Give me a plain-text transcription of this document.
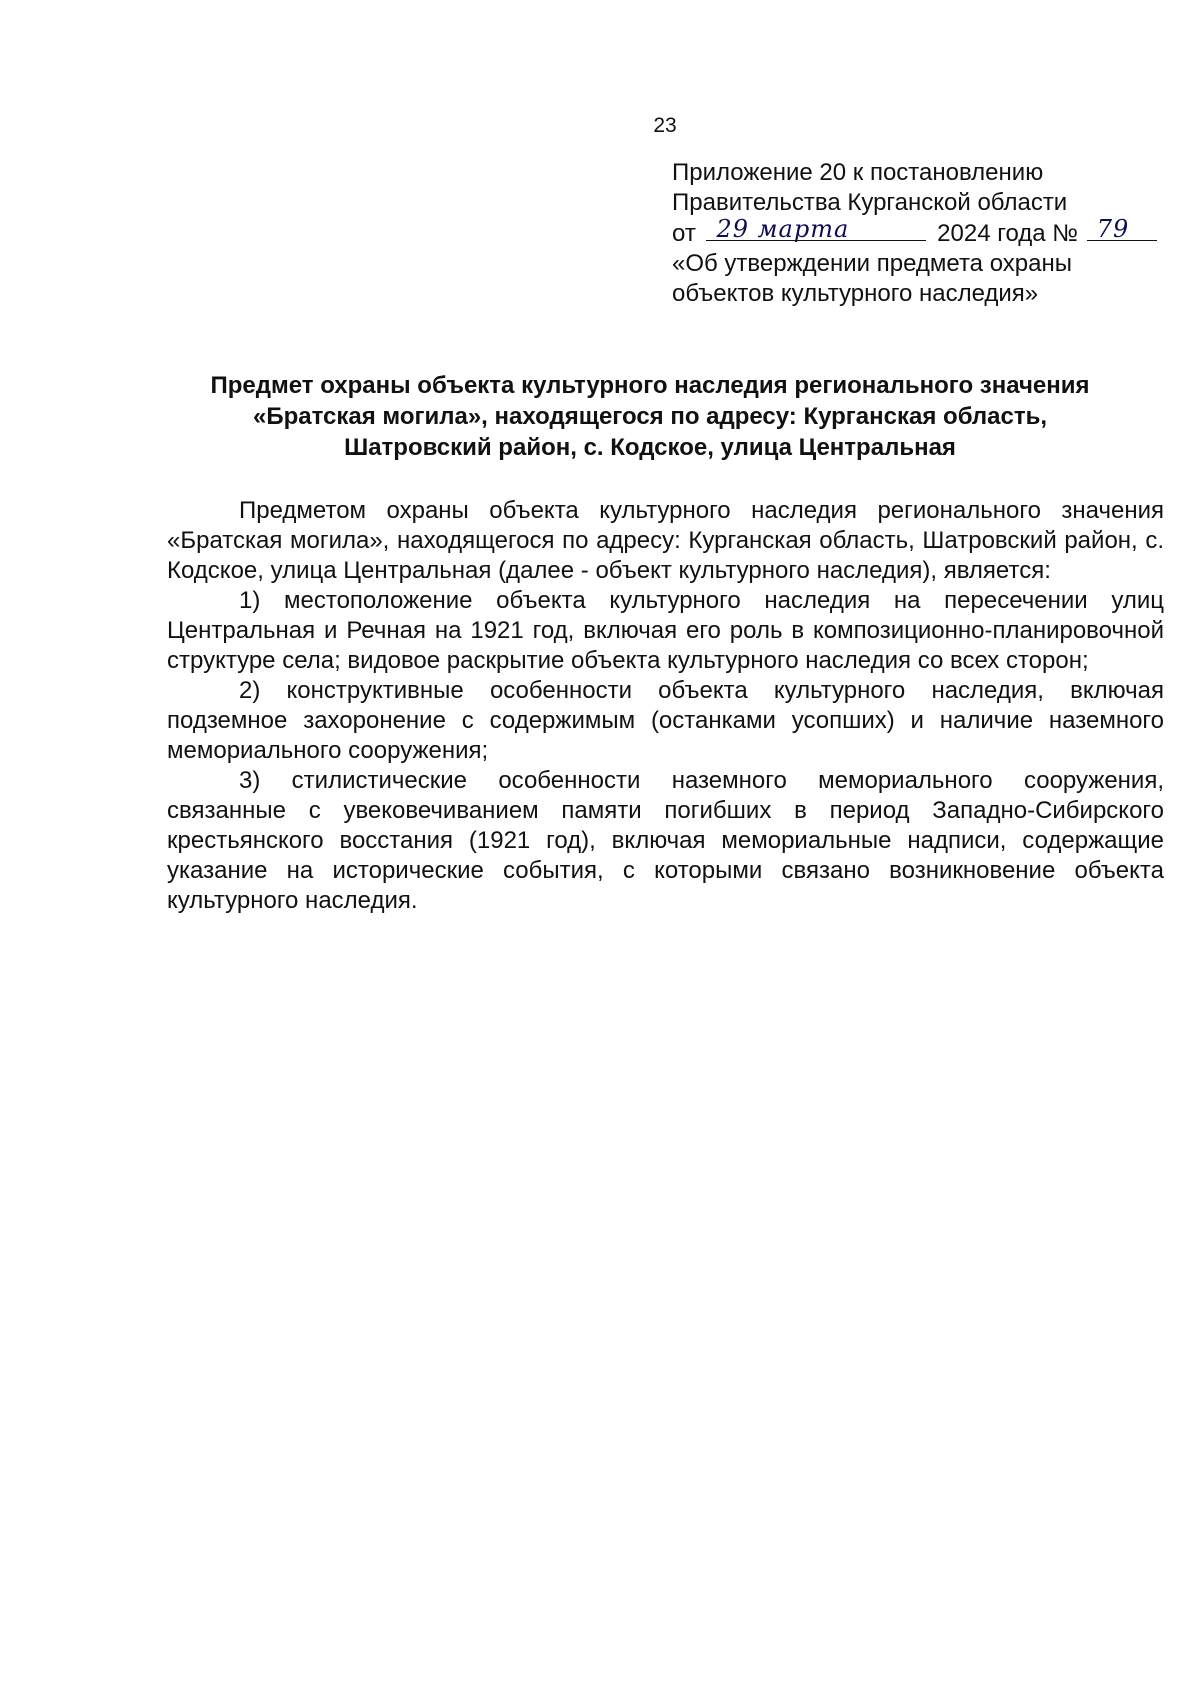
23
Приложение 20 к постановлению
Правительства Курганской области
от 29 марта	2024 года № 79
«Об утверждении предмета охраны
объектов культурного наследия»
Предмет охраны объекта культурного наследия регионального значения
«Братская могила», находящегося по адресу: Курганская область,
Шатровский район, с. Кодское, улица Центральная

Предметом охраны объекта культурного наследия регионального значения «Братская могила», находящегося по адресу: Курганская область, Шатровский район, с. Кодское, улица Центральная (далее - объект культурного наследия), является:

1) местоположение объекта культурного наследия на пересечении улиц Центральная и Речная на 1921 год, включая его роль в композиционно-планировочной структуре села; видовое раскрытие объекта культурного наследия со всех сторон;

2) конструктивные особенности объекта культурного наследия, включая подземное захоронение с содержимым (останками усопших) и наличие наземного мемориального сооружения;

3) стилистические особенности наземного мемориального сооружения, связанные с увековечиванием памяти погибших в период Западно-Сибирского крестьянского восстания (1921 год), включая мемориальные надписи, содержащие указание на исторические события, с которыми связано возникновение объекта культурного наследия.
